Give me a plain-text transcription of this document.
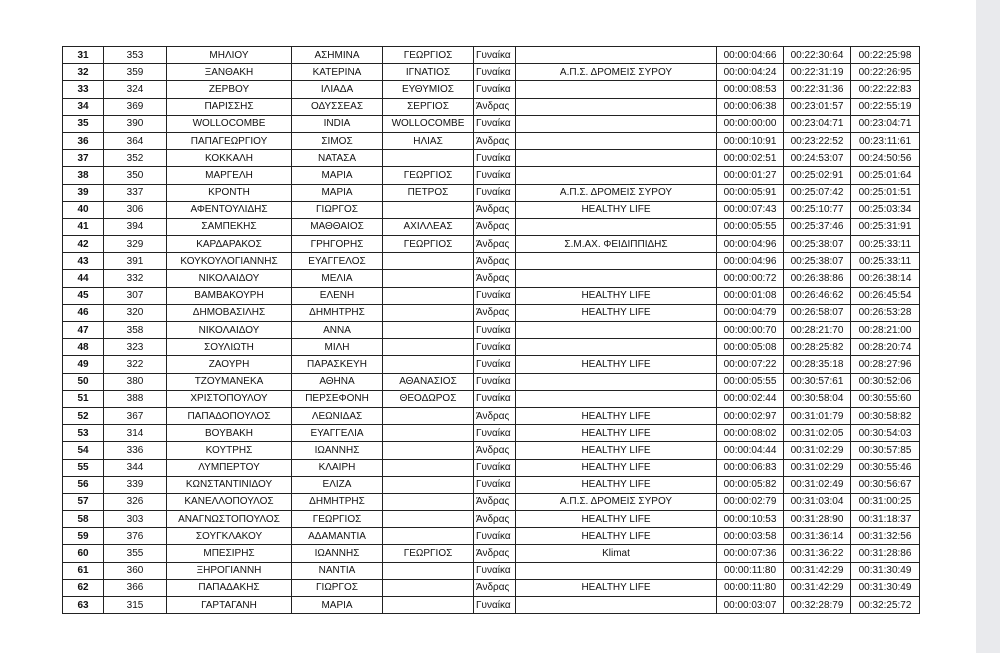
31	353	ΜΗΛΙΟΥ	ΑΣΗΜΙΝΑ	ΓΕΩΡΓΙΟΣ	Γυναίκα		00:00:04:66	00:22:30:64	00:22:25:98
32	359	ΞΑΝΘΑΚΗ	ΚΑΤΕΡΙΝΑ	ΙΓΝΑΤΙΟΣ	Γυναίκα	Α.Π.Σ. ΔΡΟΜΕΙΣ ΣΥΡΟΥ	00:00:04:24	00:22:31:19	00:22:26:95
33	324	ΖΕΡΒΟΥ	ΙΛΙΑΔΑ	ΕΥΘΥΜΙΟΣ	Γυναίκα		00:00:08:53	00:22:31:36	00:22:22:83
34	369	ΠΑΡΙΣΣΗΣ	ΟΔΥΣΣΕΑΣ	ΣΕΡΓΙΟΣ	Άνδρας		00:00:06:38	00:23:01:57	00:22:55:19
35	390	WOLLOCOMBE	INDIA	WOLLOCOMBE	Γυναίκα		00:00:00:00	00:23:04:71	00:23:04:71
36	364	ΠΑΠΑΓΕΩΡΓΙΟΥ	ΣΙΜΟΣ	ΗΛΙΑΣ	Άνδρας		00:00:10:91	00:23:22:52	00:23:11:61
37	352	ΚΟΚΚΑΛΗ	ΝΑΤΑΣΑ		Γυναίκα		00:00:02:51	00:24:53:07	00:24:50:56
38	350	ΜΑΡΓΕΛΗ	ΜΑΡΙΑ	ΓΕΩΡΓΙΟΣ	Γυναίκα		00:00:01:27	00:25:02:91	00:25:01:64
39	337	ΚΡΟΝΤΗ	ΜΑΡΙΑ	ΠΕΤΡΟΣ	Γυναίκα	Α.Π.Σ. ΔΡΟΜΕΙΣ ΣΥΡΟΥ	00:00:05:91	00:25:07:42	00:25:01:51
40	306	ΑΦΕΝΤΟΥΛΙΔΗΣ	ΓΙΩΡΓΟΣ		Άνδρας	HEALTHY LIFE	00:00:07:43	00:25:10:77	00:25:03:34
41	394	ΣΑΜΠΕΚΗΣ	ΜΑΘΘΑΙΟΣ	ΑΧΙΛΛΕΑΣ	Άνδρας		00:00:05:55	00:25:37:46	00:25:31:91
42	329	ΚΑΡΔΑΡΑΚΟΣ	ΓΡΗΓΟΡΗΣ	ΓΕΩΡΓΙΟΣ	Άνδρας	Σ.Μ.ΑΧ. ΦΕΙΔΙΠΠΙΔΗΣ	00:00:04:96	00:25:38:07	00:25:33:11
43	391	ΚΟΥΚΟΥΛΟΓΙΑΝΝΗΣ	ΕΥΑΓΓΕΛΟΣ		Άνδρας		00:00:04:96	00:25:38:07	00:25:33:11
44	332	ΝΙΚΟΛΑΙΔΟΥ	ΜΕΛΙΑ		Άνδρας		00:00:00:72	00:26:38:86	00:26:38:14
45	307	ΒΑΜΒΑΚΟΥΡΗ	ΕΛΕΝΗ		Γυναίκα	HEALTHY LIFE	00:00:01:08	00:26:46:62	00:26:45:54
46	320	ΔΗΜΟΒΑΣΙΛΗΣ	ΔΗΜΗΤΡΗΣ		Άνδρας	HEALTHY LIFE	00:00:04:79	00:26:58:07	00:26:53:28
47	358	ΝΙΚΟΛΑΙΔΟΥ	ΑΝΝΑ		Γυναίκα		00:00:00:70	00:28:21:70	00:28:21:00
48	323	ΣΟΥΛΙΩΤΗ	ΜΙΛΗ		Γυναίκα		00:00:05:08	00:28:25:82	00:28:20:74
49	322	ΖΑΟΥΡΗ	ΠΑΡΑΣΚΕΥΗ		Γυναίκα	HEALTHY LIFE	00:00:07:22	00:28:35:18	00:28:27:96
50	380	ΤΖΟΥΜΑΝΕΚΑ	ΑΘΗΝΑ	ΑΘΑΝΑΣΙΟΣ	Γυναίκα		00:00:05:55	00:30:57:61	00:30:52:06
51	388	ΧΡΙΣΤΟΠΟΥΛΟΥ	ΠΕΡΣΕΦΟΝΗ	ΘΕΟΔΩΡΟΣ	Γυναίκα		00:00:02:44	00:30:58:04	00:30:55:60
52	367	ΠΑΠΑΔΟΠΟΥΛΟΣ	ΛΕΩΝΙΔΑΣ		Άνδρας	HEALTHY LIFE	00:00:02:97	00:31:01:79	00:30:58:82
53	314	ΒΟΥΒΑΚΗ	ΕΥΑΓΓΕΛΙΑ		Γυναίκα	HEALTHY LIFE	00:00:08:02	00:31:02:05	00:30:54:03
54	336	ΚΟΥΤΡΗΣ	ΙΩΑΝΝΗΣ		Άνδρας	HEALTHY LIFE	00:00:04:44	00:31:02:29	00:30:57:85
55	344	ΛΥΜΠΕΡΤΟΥ	ΚΛΑΙΡΗ		Γυναίκα	HEALTHY LIFE	00:00:06:83	00:31:02:29	00:30:55:46
56	339	ΚΩΝΣΤΑΝΤΙΝΙΔΟΥ	ΕΛΙΖΑ		Γυναίκα	HEALTHY LIFE	00:00:05:82	00:31:02:49	00:30:56:67
57	326	ΚΑΝΕΛΛΟΠΟΥΛΟΣ	ΔΗΜΗΤΡΗΣ		Άνδρας	Α.Π.Σ. ΔΡΟΜΕΙΣ ΣΥΡΟΥ	00:00:02:79	00:31:03:04	00:31:00:25
58	303	ΑΝΑΓΝΩΣΤΟΠΟΥΛΟΣ	ΓΕΩΡΓΙΟΣ		Άνδρας	HEALTHY LIFE	00:00:10:53	00:31:28:90	00:31:18:37
59	376	ΣΟΥΓΚΛΑΚΟΥ	ΑΔΑΜΑΝΤΙΑ		Γυναίκα	HEALTHY LIFE	00:00:03:58	00:31:36:14	00:31:32:56
60	355	ΜΠΕΣΙΡΗΣ	ΙΩΑΝΝΗΣ	ΓΕΩΡΓΙΟΣ	Άνδρας	Klimat	00:00:07:36	00:31:36:22	00:31:28:86
61	360	ΞΗΡΟΓΙΑΝΝΗ	ΝΑΝΤΙΑ		Γυναίκα		00:00:11:80	00:31:42:29	00:31:30:49
62	366	ΠΑΠΑΔΑΚΗΣ	ΓΙΩΡΓΟΣ		Άνδρας	HEALTHY LIFE	00:00:11:80	00:31:42:29	00:31:30:49
63	315	ΓΑΡΤΑΓΑΝΗ	ΜΑΡΙΑ		Γυναίκα		00:00:03:07	00:32:28:79	00:32:25:72
